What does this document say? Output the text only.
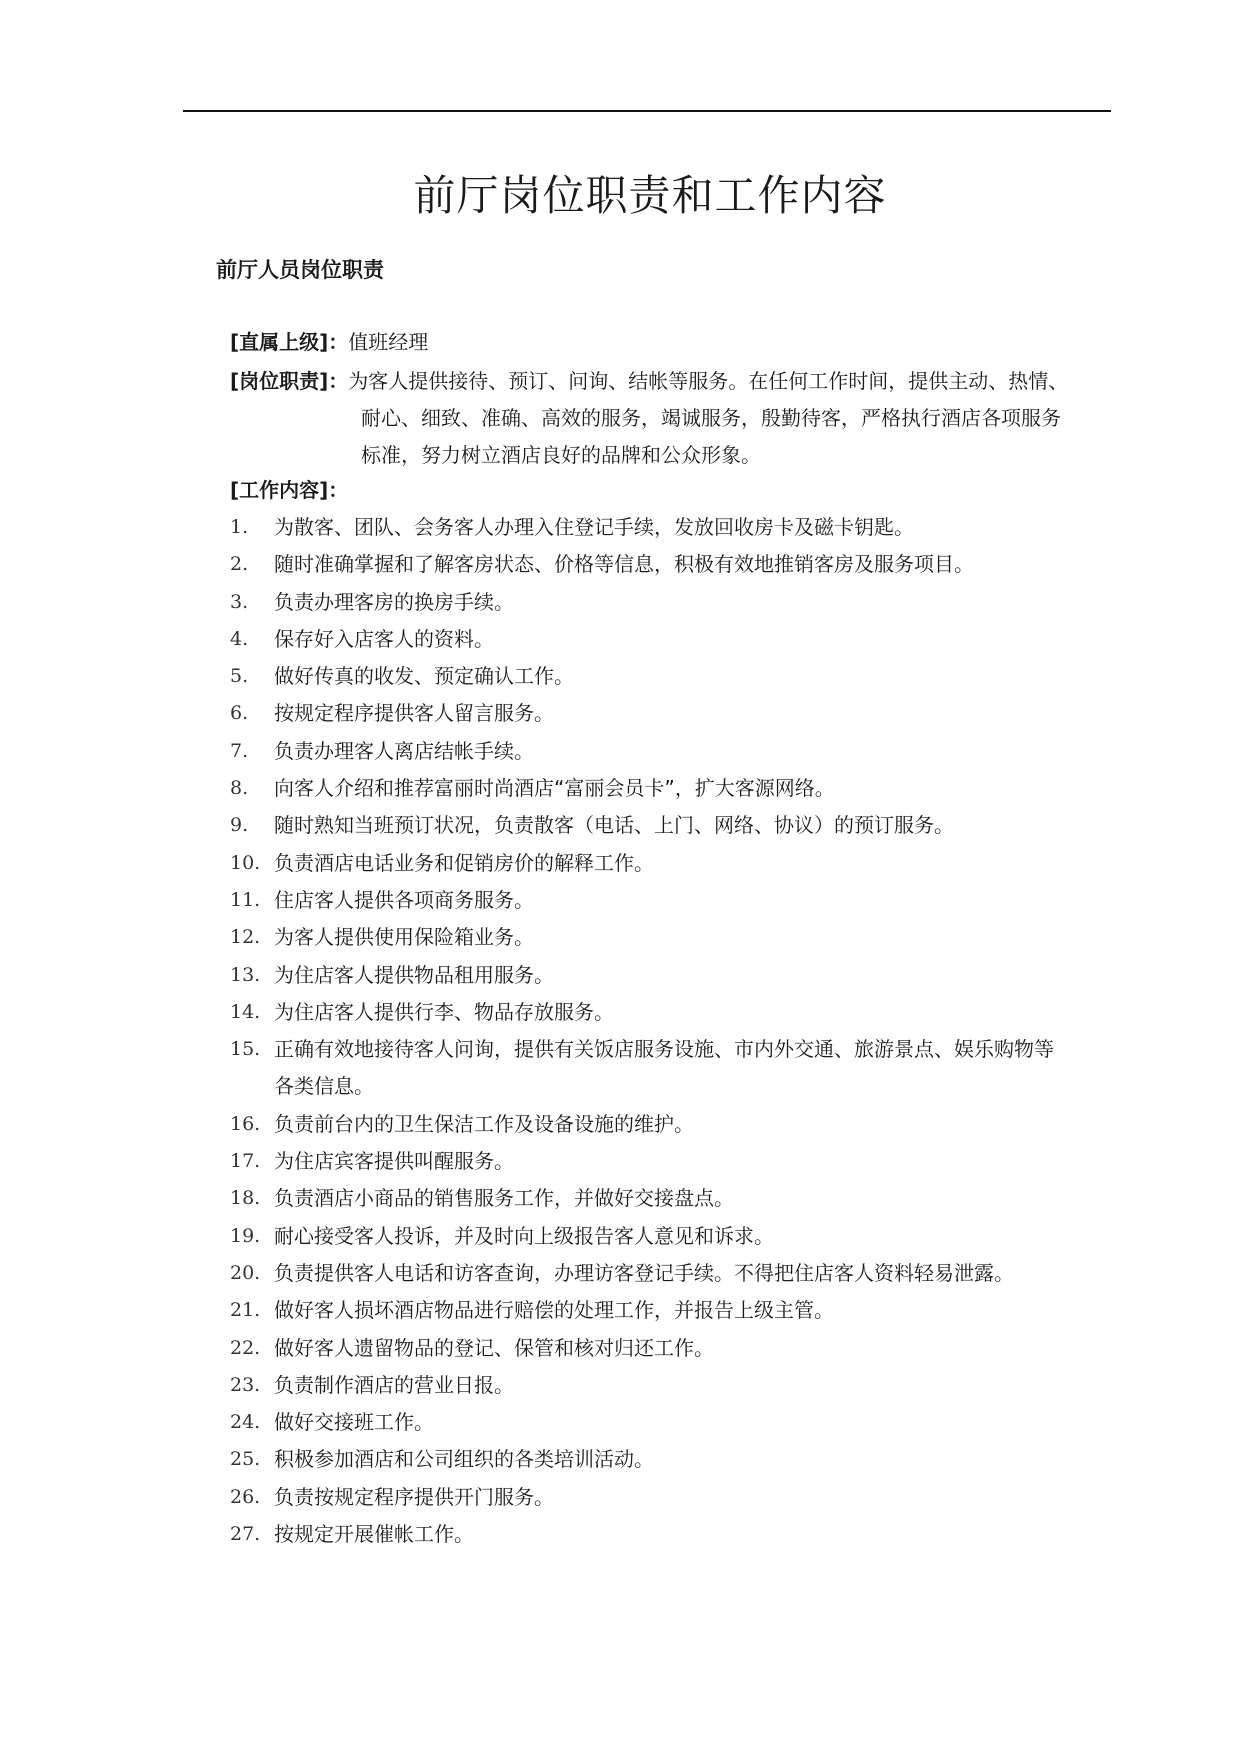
前厅岗位职责和工作内容
前厅人员岗位职责
[直属上级]：值班经理
[岗位职责]：为客人提供接待、预订、问询、结帐等服务。在任何工作时间，提供主动、热情、
耐心、细致、准确、高效的服务，竭诚服务，殷勤待客，严格执行酒店各项服务
标准，努力树立酒店良好的品牌和公众形象。
[工作内容]：
1. 为散客、团队、会务客人办理入住登记手续，发放回收房卡及磁卡钥匙。
2. 随时准确掌握和了解客房状态、价格等信息，积极有效地推销客房及服务项目。
3. 负责办理客房的换房手续。
4. 保存好入店客人的资料。
5. 做好传真的收发、预定确认工作。
6. 按规定程序提供客人留言服务。
7. 负责办理客人离店结帐手续。
8. 向客人介绍和推荐富丽时尚酒店“富丽会员卡”，扩大客源网络。
9. 随时熟知当班预订状况，负责散客（电话、上门、网络、协议）的预订服务。
10. 负责酒店电话业务和促销房价的解释工作。
11. 住店客人提供各项商务服务。
12. 为客人提供使用保险箱业务。
13. 为住店客人提供物品租用服务。
14. 为住店客人提供行李、物品存放服务。
15. 正确有效地接待客人问询，提供有关饭店服务设施、市内外交通、旅游景点、娱乐购物等
各类信息。
16. 负责前台内的卫生保洁工作及设备设施的维护。
17. 为住店宾客提供叫醒服务。
18. 负责酒店小商品的销售服务工作，并做好交接盘点。
19. 耐心接受客人投诉，并及时向上级报告客人意见和诉求。
20. 负责提供客人电话和访客查询，办理访客登记手续。不得把住店客人资料轻易泄露。
21. 做好客人损坏酒店物品进行赔偿的处理工作，并报告上级主管。
22. 做好客人遗留物品的登记、保管和核对归还工作。
23. 负责制作酒店的营业日报。
24. 做好交接班工作。
25. 积极参加酒店和公司组织的各类培训活动。
26. 负责按规定程序提供开门服务。
27. 按规定开展催帐工作。
